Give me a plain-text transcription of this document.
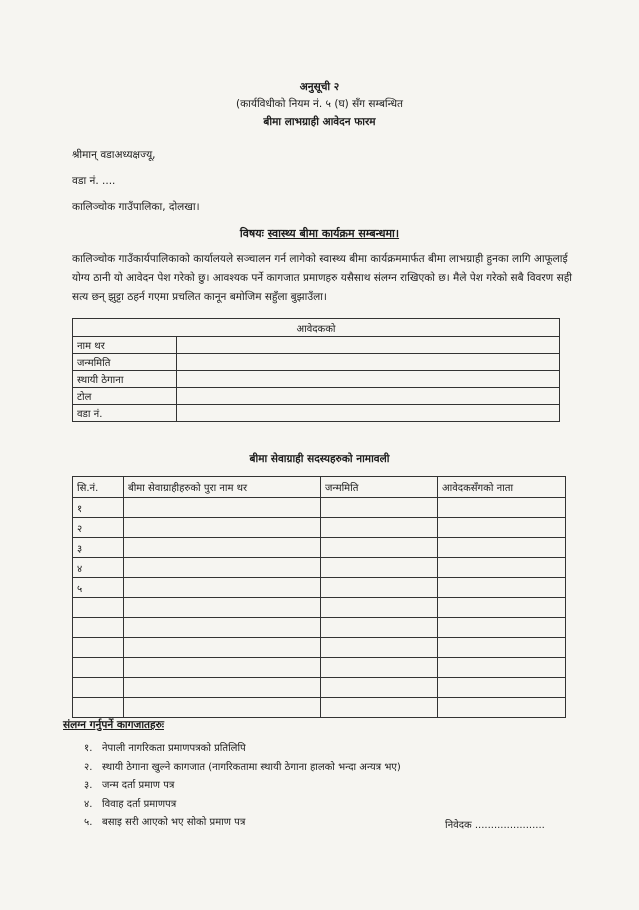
अनुसूची २
(कार्यविधीको नियम नं. ५ (घ) सँग सम्बन्धित
बीमा लाभग्राही आवेदन फारम
श्रीमान् वडाअध्यक्षज्यू,
वडा नं. ....
कालिञ्चोक गाउँपालिका, दोलखा।
विषयः स्वास्थ्य बीमा कार्यक्रम सम्बन्धमा।
कालिञ्चोक गाउँकार्यपालिकाको कार्यालयले सञ्चालन गर्न लागेको स्वास्थ्य बीमा कार्यक्रममार्फत बीमा लाभग्राही हुनका लागि आफूलाई योग्य ठानी यो आवेदन पेश गरेको छु। आवश्यक पर्ने कागजात प्रमाणहरु यसैसाथ संलग्न राखिएको छ। मैले पेश गरेको सबै विवरण सही सत्य छन् झुट्टा ठहर्न गएमा प्रचलित कानून बमोजिम सहुँला बुझाउँला।
आवेदकको	
नाम थर	
जन्ममिति	
स्थायी ठेगाना	
टोल	
वडा नं.	
बीमा सेवाग्राही सदस्यहरुको नामावली
सि.नं.	बीमा सेवाग्राहीहरुको पुरा नाम थर	जन्ममिति	आवेदकसँगको नाता
१			
२			
३			
४			
५			

संलग्न गर्नुपर्ने कागजातहरुः
१. नेपाली नागरिकता प्रमाणपत्रको प्रतिलिपि
२. स्थायी ठेगाना खुल्ने कागजात (नागरिकतामा स्थायी ठेगाना हालको भन्दा अन्यत्र भए)
३. जन्म दर्ता प्रमाण पत्र
४. विवाह दर्ता प्रमाणपत्र
५. बसाइ सरी आएको भए सोको प्रमाण पत्र	निवेदक ......................
